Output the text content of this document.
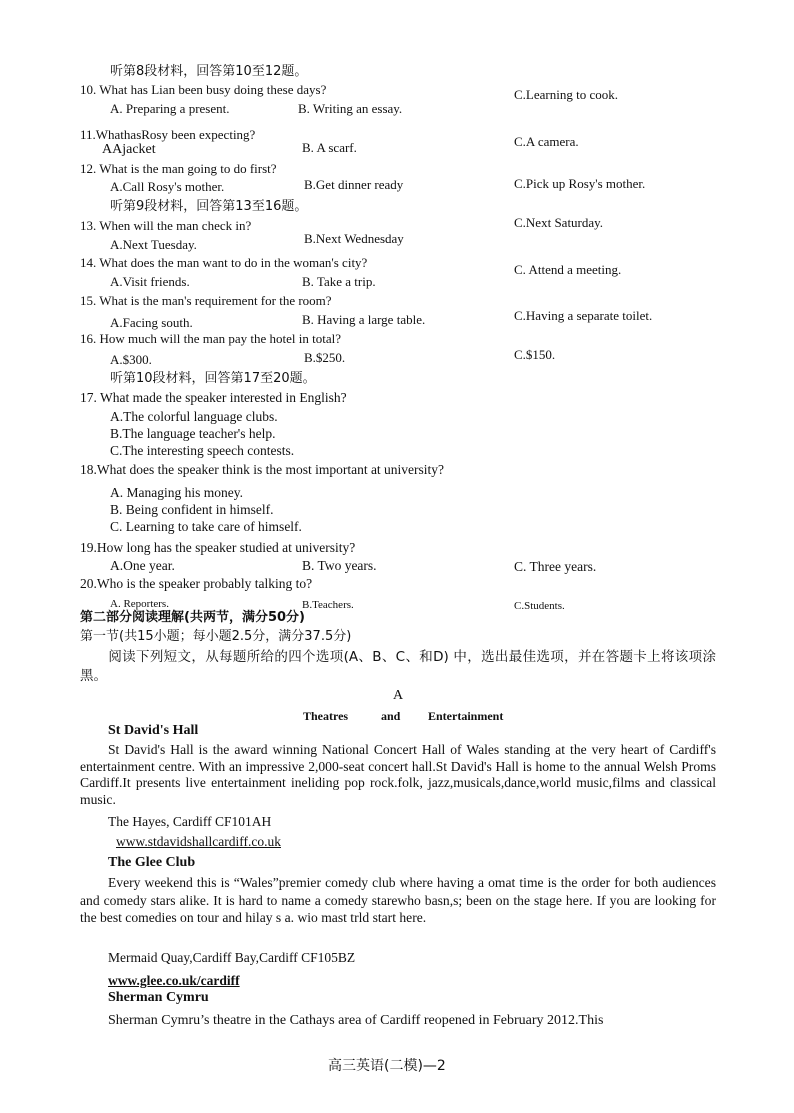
听第8段材料，回答第10至12题。
10. What has Lian been busy doing these days?
A. Preparing a present.	B. Writing an essay.
C.Learning to cook.
11.WhathasRosy been expecting?
AAjacket	B. A scarf.	C.A camera.
12. What is the man going to do first?
A.Call Rosy's mother.	B.Get dinner ready	C.Pick up Rosy's mother.
听第9段材料，回答第13至16题。
13. When will the man check in?
A.Next Tuesday.	B.Next Wednesday
C.Next Saturday.
14. What does the man want to do in the woman's city?
A.Visit friends.	B. Take a trip.
C. Attend a meeting.
15. What is the man's requirement for the room?
A.Facing south.	B. Having a large table.	C.Having a separate toilet.
16. How much will the man pay the hotel in total?
A.$300.	B.$250.	C.$150.
听第10段材料，回答第17至20题。
17. What made the speaker interested in English?
A.The colorful language clubs.
B.The language teacher's help.
C.The interesting speech contests.
18.What does the speaker think is the most important at university?
A. Managing his money.
B. Being confident in himself.
C. Learning to take care of himself.
19.How long has the speaker studied at university?
A.One year.	B. Two years.	C. Three years.
20.Who is the speaker probably talking to?
A. Reporters.	B.Teachers.	C.Students.
第二部分阅读理解(共两节，满分50分)
第一节(共15小题；每小题2.5分，满分37.5分)
阅读下列短文，从每题所给的四个选项(A、B、C、和D) 中，选出最佳选项，并在答题卡上将该项涂黑。
A
Theatres	and Entertainment
St David's Hall
St David's Hall is the award winning National Concert Hall of Wales standing at the very heart of Cardiff's entertainment centre. With an impressive 2,000-seat concert hall.St David's Hall is home to the annual Welsh Proms Cardiff.It presents live entertainment ineliding pop rock.folk, jazz,musicals,dance,world music,films and classical music.
The Hayes, Cardiff CF101AH
www.stdavidshallcardiff.co.uk
The Glee Club
Every weekend this is “Wales”premier comedy club where having a omat time is the order for both audiences and comedy stars alike. It is hard to name a comedy starewho basn,s; been on the stage here. If you are looking for the best comedies on tour and hilay s a. wio mast trld start here.
Mermaid Quay,Cardiff Bay,Cardiff CF105BZ
www.glee.co.uk/cardiff
Sherman Cymru
Sherman Cymru’s theatre in the Cathays area of Cardiff reopened in February 2012.This
高三英语(二模)—2
